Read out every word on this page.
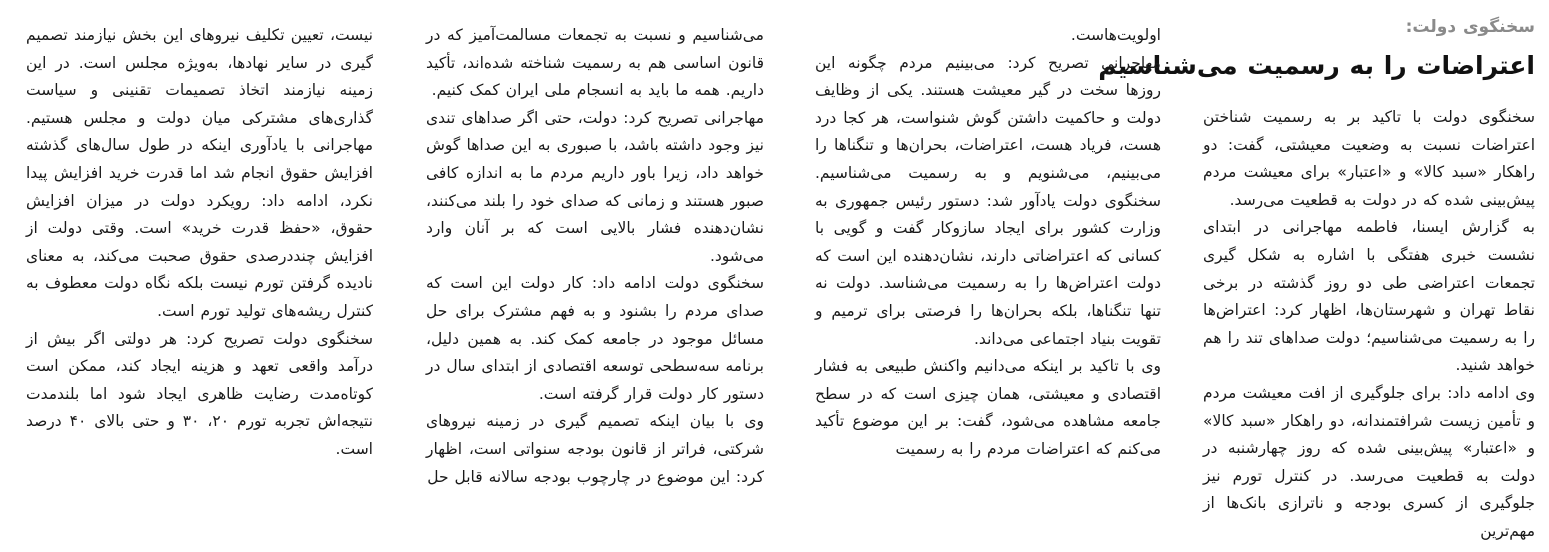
سخنگوی دولت:
اعتراضات را به رسمیت می‌شناسیم

سخنگوی دولت با تاکید بر به رسمیت شناختن اعتراضات نسبت به وضعیت معیشتی، گفت: دو راهکار «سبد کالا» و «اعتبار» برای معیشت مردم پیش‌بینی شده که در دولت به قطعیت می‌رسد.

به گزارش ایسنا، فاطمه مهاجرانی در ابتدای نشست خبری هفتگی با اشاره به شکل گیری تجمعات اعتراضی طی دو روز گذشته در برخی نقاط تهران و شهرستان‌ها، اظهار کرد: اعتراض‌ها را به رسمیت می‌شناسیم؛ دولت صداهای تند را هم خواهد شنید.

وی ادامه داد: برای جلوگیری از افت معیشت مردم و تأمین زیست شرافتمندانه، دو راهکار «سبد کالا» و «اعتبار» پیش‌بینی شده که روز چهارشنبه در دولت به قطعیت می‌رسد. در کنترل تورم نیز جلوگیری از کسری بودجه و ناترازی بانک‌ها از مهم‌ترین

اولویت‌هاست.

مهاجرانی تصریح کرد: می‌بینیم مردم چگونه این روزها سخت در گیر معیشت هستند. یکی از وظایف دولت و حاکمیت داشتن گوش شنواست، هر کجا درد هست، فریاد هست، اعتراضات، بحران‌ها و تنگناها را می‌بینیم، می‌شنویم و به رسمیت می‌شناسیم. سخنگوی دولت یادآور شد: دستور رئیس جمهوری به وزارت کشور برای ایجاد سازوکار گفت و گویی با کسانی که اعتراضاتی دارند، نشان‌دهنده این است که دولت اعتراض‌ها را به رسمیت می‌شناسد. دولت نه تنها تنگناها، بلکه بحران‌ها را فرصتی برای ترمیم و تقویت بنیاد اجتماعی می‌داند.

وی با تاکید بر اینکه می‌دانیم واکنش طبیعی به فشار اقتصادی و معیشتی، همان چیزی است که در سطح جامعه مشاهده می‌شود، گفت: بر این موضوع تأکید می‌کنم که اعتراضات مردم را به رسمیت

می‌شناسیم و نسبت به تجمعات مسالمت‌آمیز که در قانون اساسی هم به رسمیت شناخته شده‌اند، تأکید داریم. همه ما باید به انسجام ملی ایران کمک کنیم.

مهاجرانی تصریح کرد: دولت، حتی اگر صداهای تندی نیز وجود داشته باشد، با صبوری به این صداها گوش خواهد داد، زیرا باور داریم مردم ما به اندازه کافی صبور هستند و زمانی که صدای خود را بلند می‌کنند، نشان‌دهنده فشار بالایی است که بر آنان وارد می‌شود.

سخنگوی دولت ادامه داد: کار دولت این است که صدای مردم را بشنود و به فهم مشترک برای حل مسائل موجود در جامعه کمک کند. به همین دلیل، برنامه سه‌سطحی توسعه اقتصادی از ابتدای سال در دستور کار دولت قرار گرفته است.

وی با بیان اینکه تصمیم گیری در زمینه نیروهای شرکتی، فراتر از قانون بودجه سنواتی است، اظهار کرد: این موضوع در چارچوب بودجه سالانه قابل حل

نیست، تعیین تکلیف نیروهای این بخش نیازمند تصمیم گیری در سایر نهادها، به‌ویژه مجلس است. در این زمینه نیازمند اتخاذ تصمیمات تقنینی و سیاست گذاری‌های مشترکی میان دولت و مجلس هستیم. مهاجرانی با یادآوری اینکه در طول سال‌های گذشته افزایش حقوق انجام شد اما قدرت خرید افزایش پیدا نکرد، ادامه داد: رویکرد دولت در میزان افزایش حقوق، «حفظ قدرت خرید» است. وقتی دولت از افزایش چنددرصدی حقوق صحبت می‌کند، به معنای نادیده گرفتن تورم نیست بلکه نگاه دولت معطوف به کنترل ریشه‌های تولید تورم است.

سخنگوی دولت تصریح کرد: هر دولتی اگر بیش از درآمد واقعی تعهد و هزینه ایجاد کند، ممکن است کوتاه‌مدت رضایت ظاهری ایجاد شود اما بلندمدت نتیجه‌اش تجربه تورم ۲۰، ۳۰ و حتی بالای ۴۰ درصد است.
